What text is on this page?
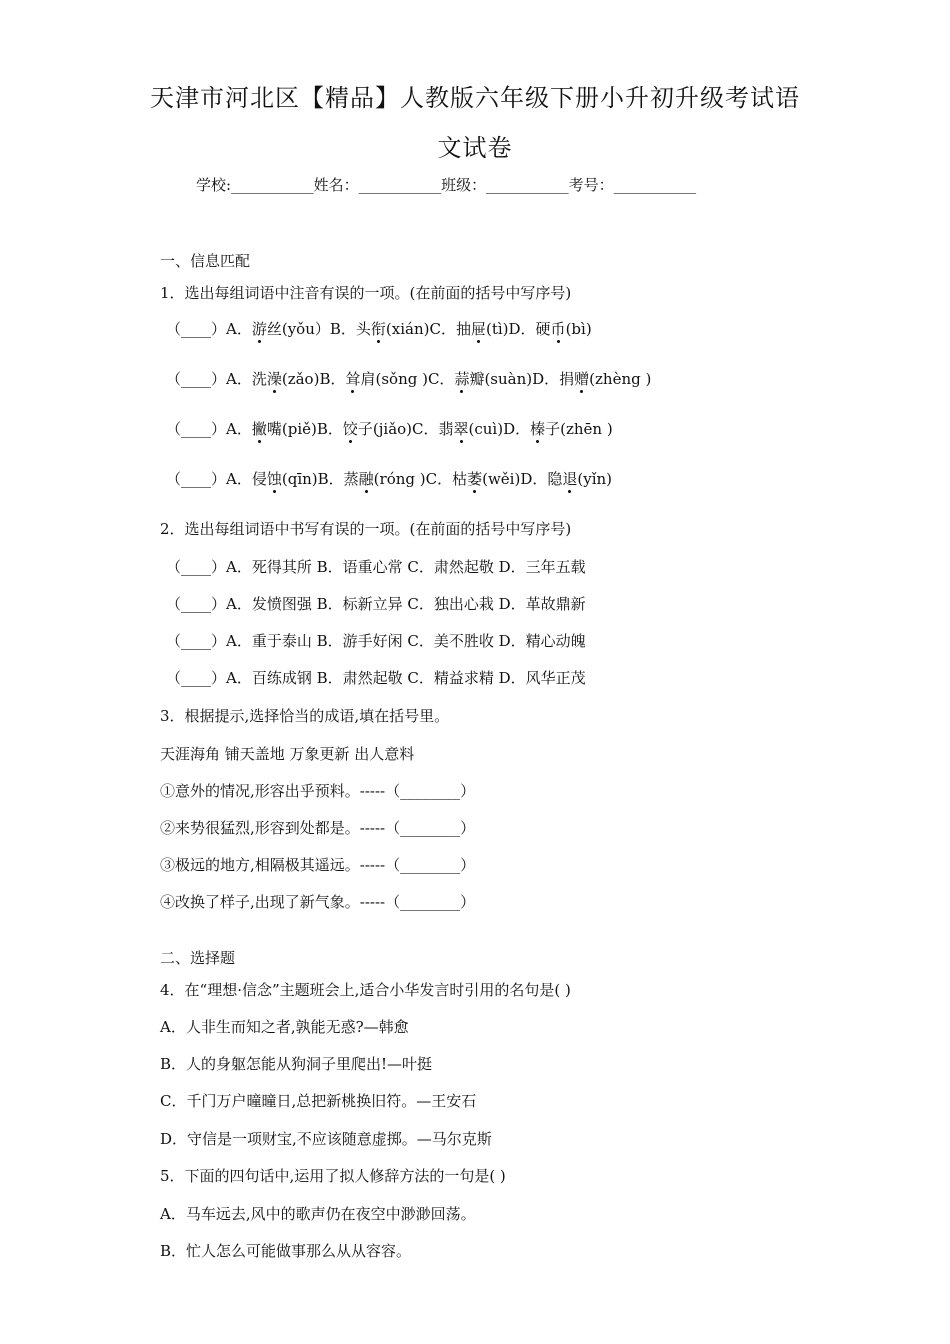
天津市河北区【精品】人教版六年级下册小升初升级考试语
文试卷
学校:___________姓名：___________班级：___________考号：___________
一、信息匹配
1．选出每组词语中注音有误的一项。(在前面的括号中写序号)
（____）A．游丝(yǒu）B．头衔(xián)C．抽屉(tì)D．硬币(bì)
（____）A．洗澡(zǎo)B．耸肩(sǒng )C．蒜瓣(suàn)D．捐赠(zhèng )
（____）A．撇嘴(piě)B．饺子(jiǎo)C．翡翠(cuì)D．榛子(zhēn )
（____）A．侵蚀(qīn)B．蒸融(róng )C．枯萎(wěi)D．隐退(yǐn)
2．选出每组词语中书写有误的一项。(在前面的括号中写序号)
（____）A．死得其所 B．语重心常 C．肃然起敬 D．三年五载
（____）A．发愤图强 B．标新立异 C．独出心栽 D．革故鼎新
（____）A．重于泰山 B．游手好闲 C．美不胜收 D．精心动魄
（____）A．百练成钢 B．肃然起敬 C．精益求精 D．风华正茂
3．根据提示,选择恰当的成语,填在括号里。
天涯海角 铺天盖地 万象更新 出人意料
①意外的情况,形容出乎预料。-----（________）
②来势很猛烈,形容到处都是。-----（________）
③极远的地方,相隔极其遥远。-----（________）
④改换了样子,出现了新气象。-----（________）
二、选择题
4．在“理想·信念”主题班会上,适合小华发言时引用的名句是( )
A．人非生而知之者,孰能无惑?—韩愈
B．人的身躯怎能从狗洞子里爬出!—叶挺
C．千门万户曈曈日,总把新桃换旧符。—王安石
D．守信是一项财宝,不应该随意虚掷。—马尔克斯
5．下面的四句话中,运用了拟人修辞方法的一句是( )
A．马车远去,风中的歌声仍在夜空中渺渺回荡。
B．忙人怎么可能做事那么从从容容。
